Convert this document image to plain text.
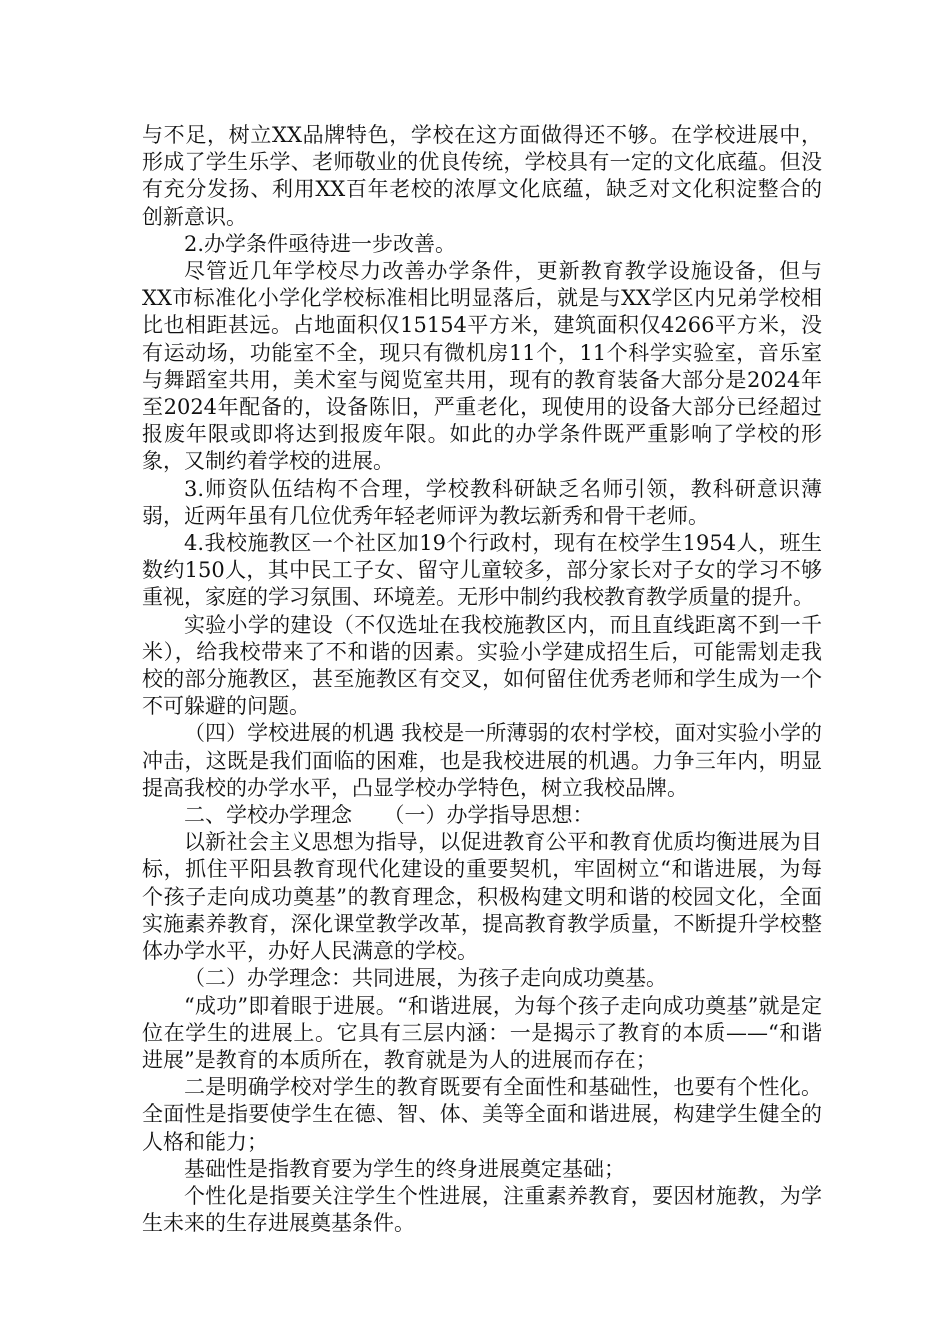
与不足，树立XX品牌特色，学校在这方面做得还不够。在学校进展中，形成了学生乐学、老师敬业的优良传统，学校具有一定的文化底蕴。但没有充分发扬、利用XX百年老校的浓厚文化底蕴，缺乏对文化积淀整合的创新意识。

2.办学条件亟待进一步改善。

尽管近几年学校尽力改善办学条件，更新教育教学设施设备，但与XX市标准化小学化学校标准相比明显落后，就是与XX学区内兄弟学校相比也相距甚远。占地面积仅15154平方米，建筑面积仅4266平方米，没有运动场，功能室不全，现只有微机房11个，11个科学实验室，音乐室与舞蹈室共用，美术室与阅览室共用，现有的教育装备大部分是2024年至2024年配备的，设备陈旧，严重老化，现使用的设备大部分已经超过报废年限或即将达到报废年限。如此的办学条件既严重影响了学校的形象，又制约着学校的进展。

3.师资队伍结构不合理，学校教科研缺乏名师引领，教科研意识薄弱，近两年虽有几位优秀年轻老师评为教坛新秀和骨干老师。

4.我校施教区一个社区加19个行政村，现有在校学生1954人，班生数约150人，其中民工子女、留守儿童较多，部分家长对子女的学习不够重视，家庭的学习氛围、环境差。无形中制约我校教育教学质量的提升。

实验小学的建设（不仅选址在我校施教区内，而且直线距离不到一千米），给我校带来了不和谐的因素。实验小学建成招生后，可能需划走我校的部分施教区，甚至施教区有交叉，如何留住优秀老师和学生成为一个不可躲避的问题。

（四）学校进展的机遇 我校是一所薄弱的农村学校，面对实验小学的冲击，这既是我们面临的困难，也是我校进展的机遇。力争三年内，明显提高我校的办学水平，凸显学校办学特色，树立我校品牌。

二、学校办学理念　　（一）办学指导思想：

以新社会主义思想为指导，以促进教育公平和教育优质均衡进展为目标，抓住平阳县教育现代化建设的重要契机，牢固树立“和谐进展，为每个孩子走向成功奠基”的教育理念，积极构建文明和谐的校园文化，全面实施素养教育，深化课堂教学改革，提高教育教学质量，不断提升学校整体办学水平，办好人民满意的学校。

（二）办学理念：共同进展，为孩子走向成功奠基。

“成功”即着眼于进展。“和谐进展，为每个孩子走向成功奠基”就是定位在学生的进展上。它具有三层内涵：一是揭示了教育的本质——“和谐进展”是教育的本质所在，教育就是为人的进展而存在；

二是明确学校对学生的教育既要有全面性和基础性，也要有个性化。全面性是指要使学生在德、智、体、美等全面和谐进展，构建学生健全的人格和能力；

基础性是指教育要为学生的终身进展奠定基础；

个性化是指要关注学生个性进展，注重素养教育，要因材施教，为学生未来的生存进展奠基条件。
